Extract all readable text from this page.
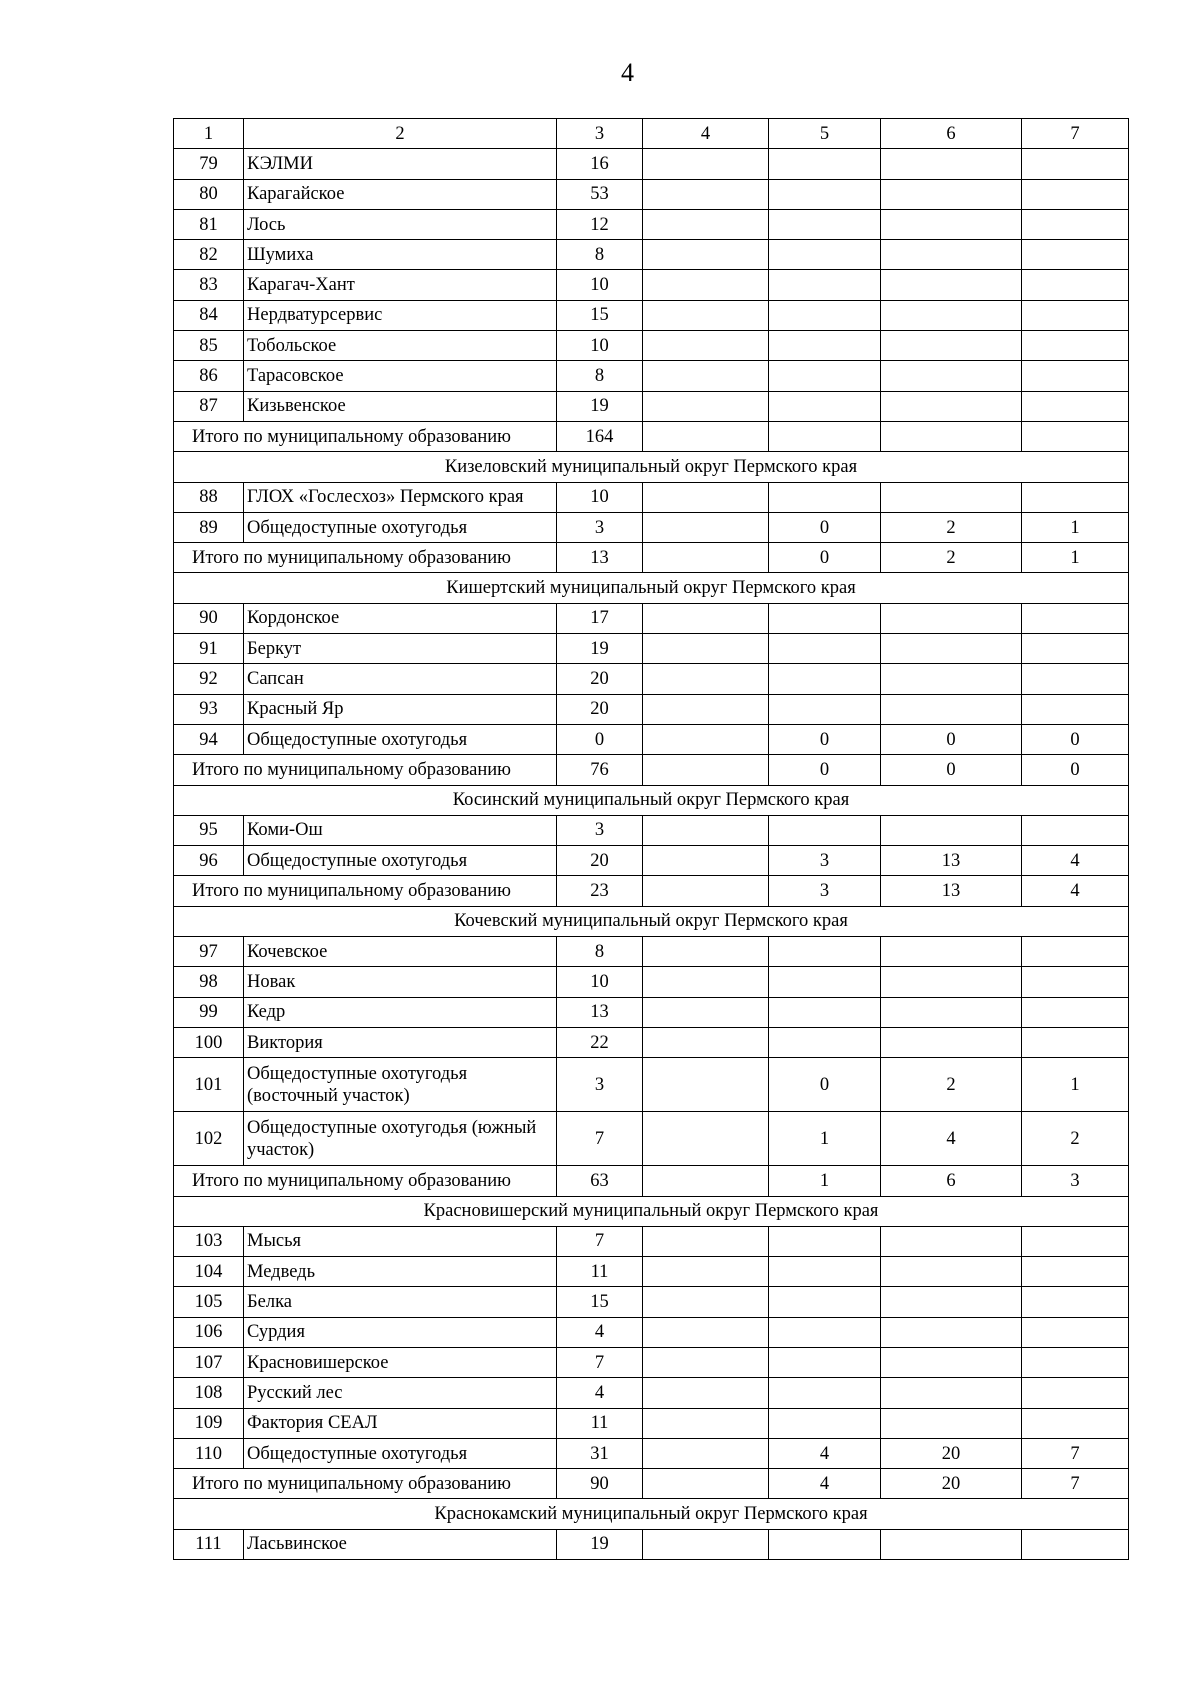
4
1	2	3	4	5	6	7
79	КЭЛМИ	16				
80	Карагайское	53				
81	Лось	12				
82	Шумиха	8				
83	Карагач-Хант	10				
84	Нердватурсервис	15				
85	Тобольское	10				
86	Тарасовское	8				
87	Кизьвенское	19				
Итого по муниципальному образованию		164				
Кизеловский муниципальный округ Пермского края						
88	ГЛОХ «Гослесхоз» Пермского края	10				
89	Общедоступные охотугодья	3		0	2	1
Итого по муниципальному образованию		13		0	2	1
Кишертский муниципальный округ Пермского края						
90	Кордонское	17				
91	Беркут	19				
92	Сапсан	20				
93	Красный Яр	20				
94	Общедоступные охотугодья	0		0	0	0
Итого по муниципальному образованию		76		0	0	0
Косинский муниципальный округ Пермского края						
95	Коми-Ош	3				
96	Общедоступные охотугодья	20		3	13	4
Итого по муниципальному образованию		23		3	13	4
Кочевский муниципальный округ Пермского края						
97	Кочевское	8				
98	Новак	10				
99	Кедр	13				
100	Виктория	22				
101	Общедоступные охотугодья (восточный участок)	3		0	2	1
102	Общедоступные охотугодья (южный участок)	7		1	4	2
Итого по муниципальному образованию		63		1	6	3
Красновишерский муниципальный округ Пермского края						
103	Мысья	7				
104	Медведь	11				
105	Белка	15				
106	Сурдия	4				
107	Красновишерское	7				
108	Русский лес	4				
109	Фактория СЕАЛ	11				
110	Общедоступные охотугодья	31		4	20	7
Итого по муниципальному образованию		90		4	20	7
Краснокамский муниципальный округ Пермского края						
111	Ласьвинское	19				
